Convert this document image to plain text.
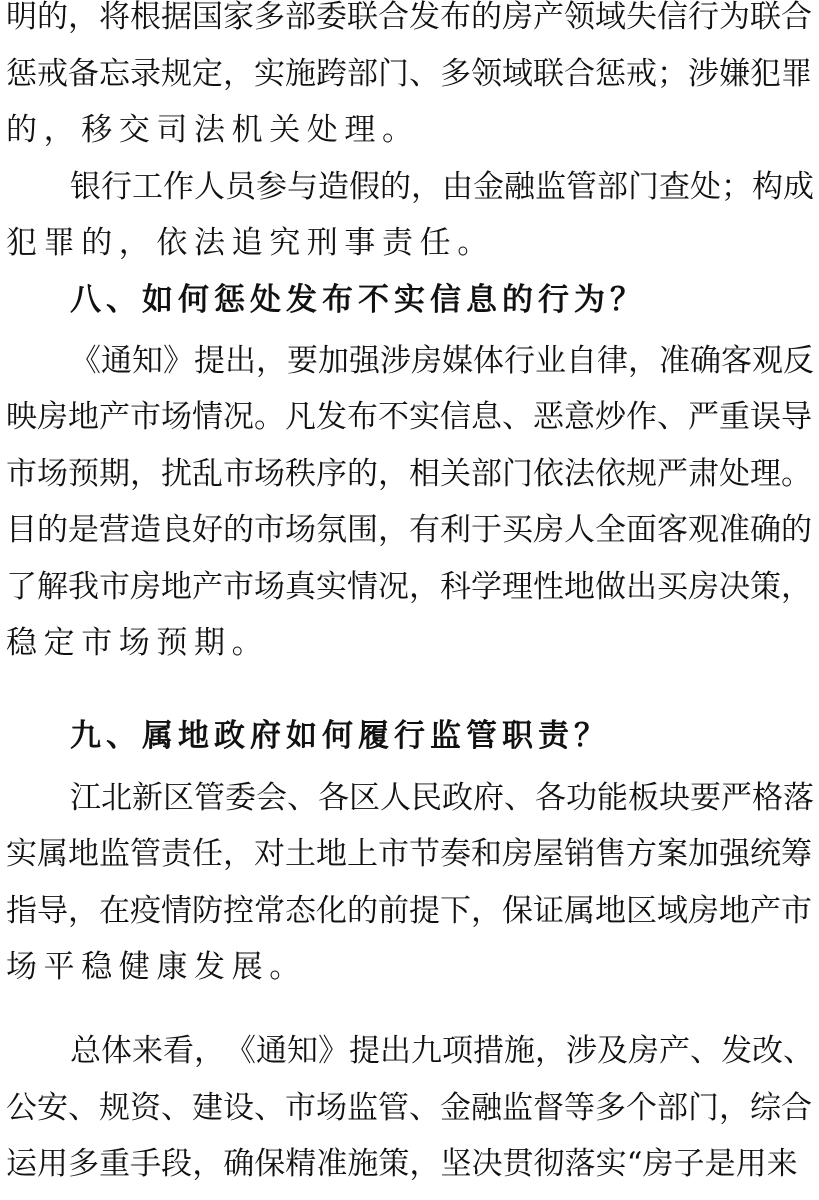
明 的 ， 将 根 据 国 家 多 部 委 联 合 发 布 的 房 产 领 域 失 信 行 为 联 合
惩 戒 备 忘 录 规 定 ， 实 施 跨 部 门 、 多 领 域 联 合 惩 戒 ； 涉 嫌 犯 罪
的，移交司法机关处理。
银 行 工 作 人 员 参 与 造 假 的 ， 由 金 融 监 管 部 门 查 处 ； 构 成
犯罪的，依法追究刑事责任。
八、如何惩处发布不实信息的行为？
《 通 知 》 提 出 ， 要 加 强 涉 房 媒 体 行 业 自 律 ， 准 确 客 观 反
映 房 地 产 市 场 情 况 。 凡 发 布 不 实 信 息 、 恶 意 炒 作 、 严 重 误 导
市 场 预 期 ， 扰 乱 市 场 秩 序 的 ， 相 关 部 门 依 法 依 规 严 肃 处 理 。
目 的 是 营 造 良 好 的 市 场 氛 围 ， 有 利 于 买 房 人 全 面 客 观 准 确 的
了 解 我 市 房 地 产 市 场 真 实 情 况 ， 科 学 理 性 地 做 出 买 房 决 策 ，
稳定市场预期。
九、属地政府如何履行监管职责？
江 北 新 区 管 委 会 、 各 区 人 民 政 府 、 各 功 能 板 块 要 严 格 落
实 属 地 监 管 责 任 ， 对 土 地 上 市 节 奏 和 房 屋 销 售 方 案 加 强 统 筹
指 导 ， 在 疫 情 防 控 常 态 化 的 前 提 下 ， 保 证 属 地 区 域 房 地 产 市
场平稳健康发展。
总 体 来 看 ， 《 通 知 》 提 出 九 项 措 施 ， 涉 及 房 产 、 发 改 、
公 安 、 规 资 、 建 设 、 市 场 监 管 、 金 融 监 督 等 多 个 部 门 ， 综 合
运 用 多 重 手 段 ， 确 保 精 准 施 策 ， 坚 决 贯 彻 落 实 “ 房 子 是 用 来
